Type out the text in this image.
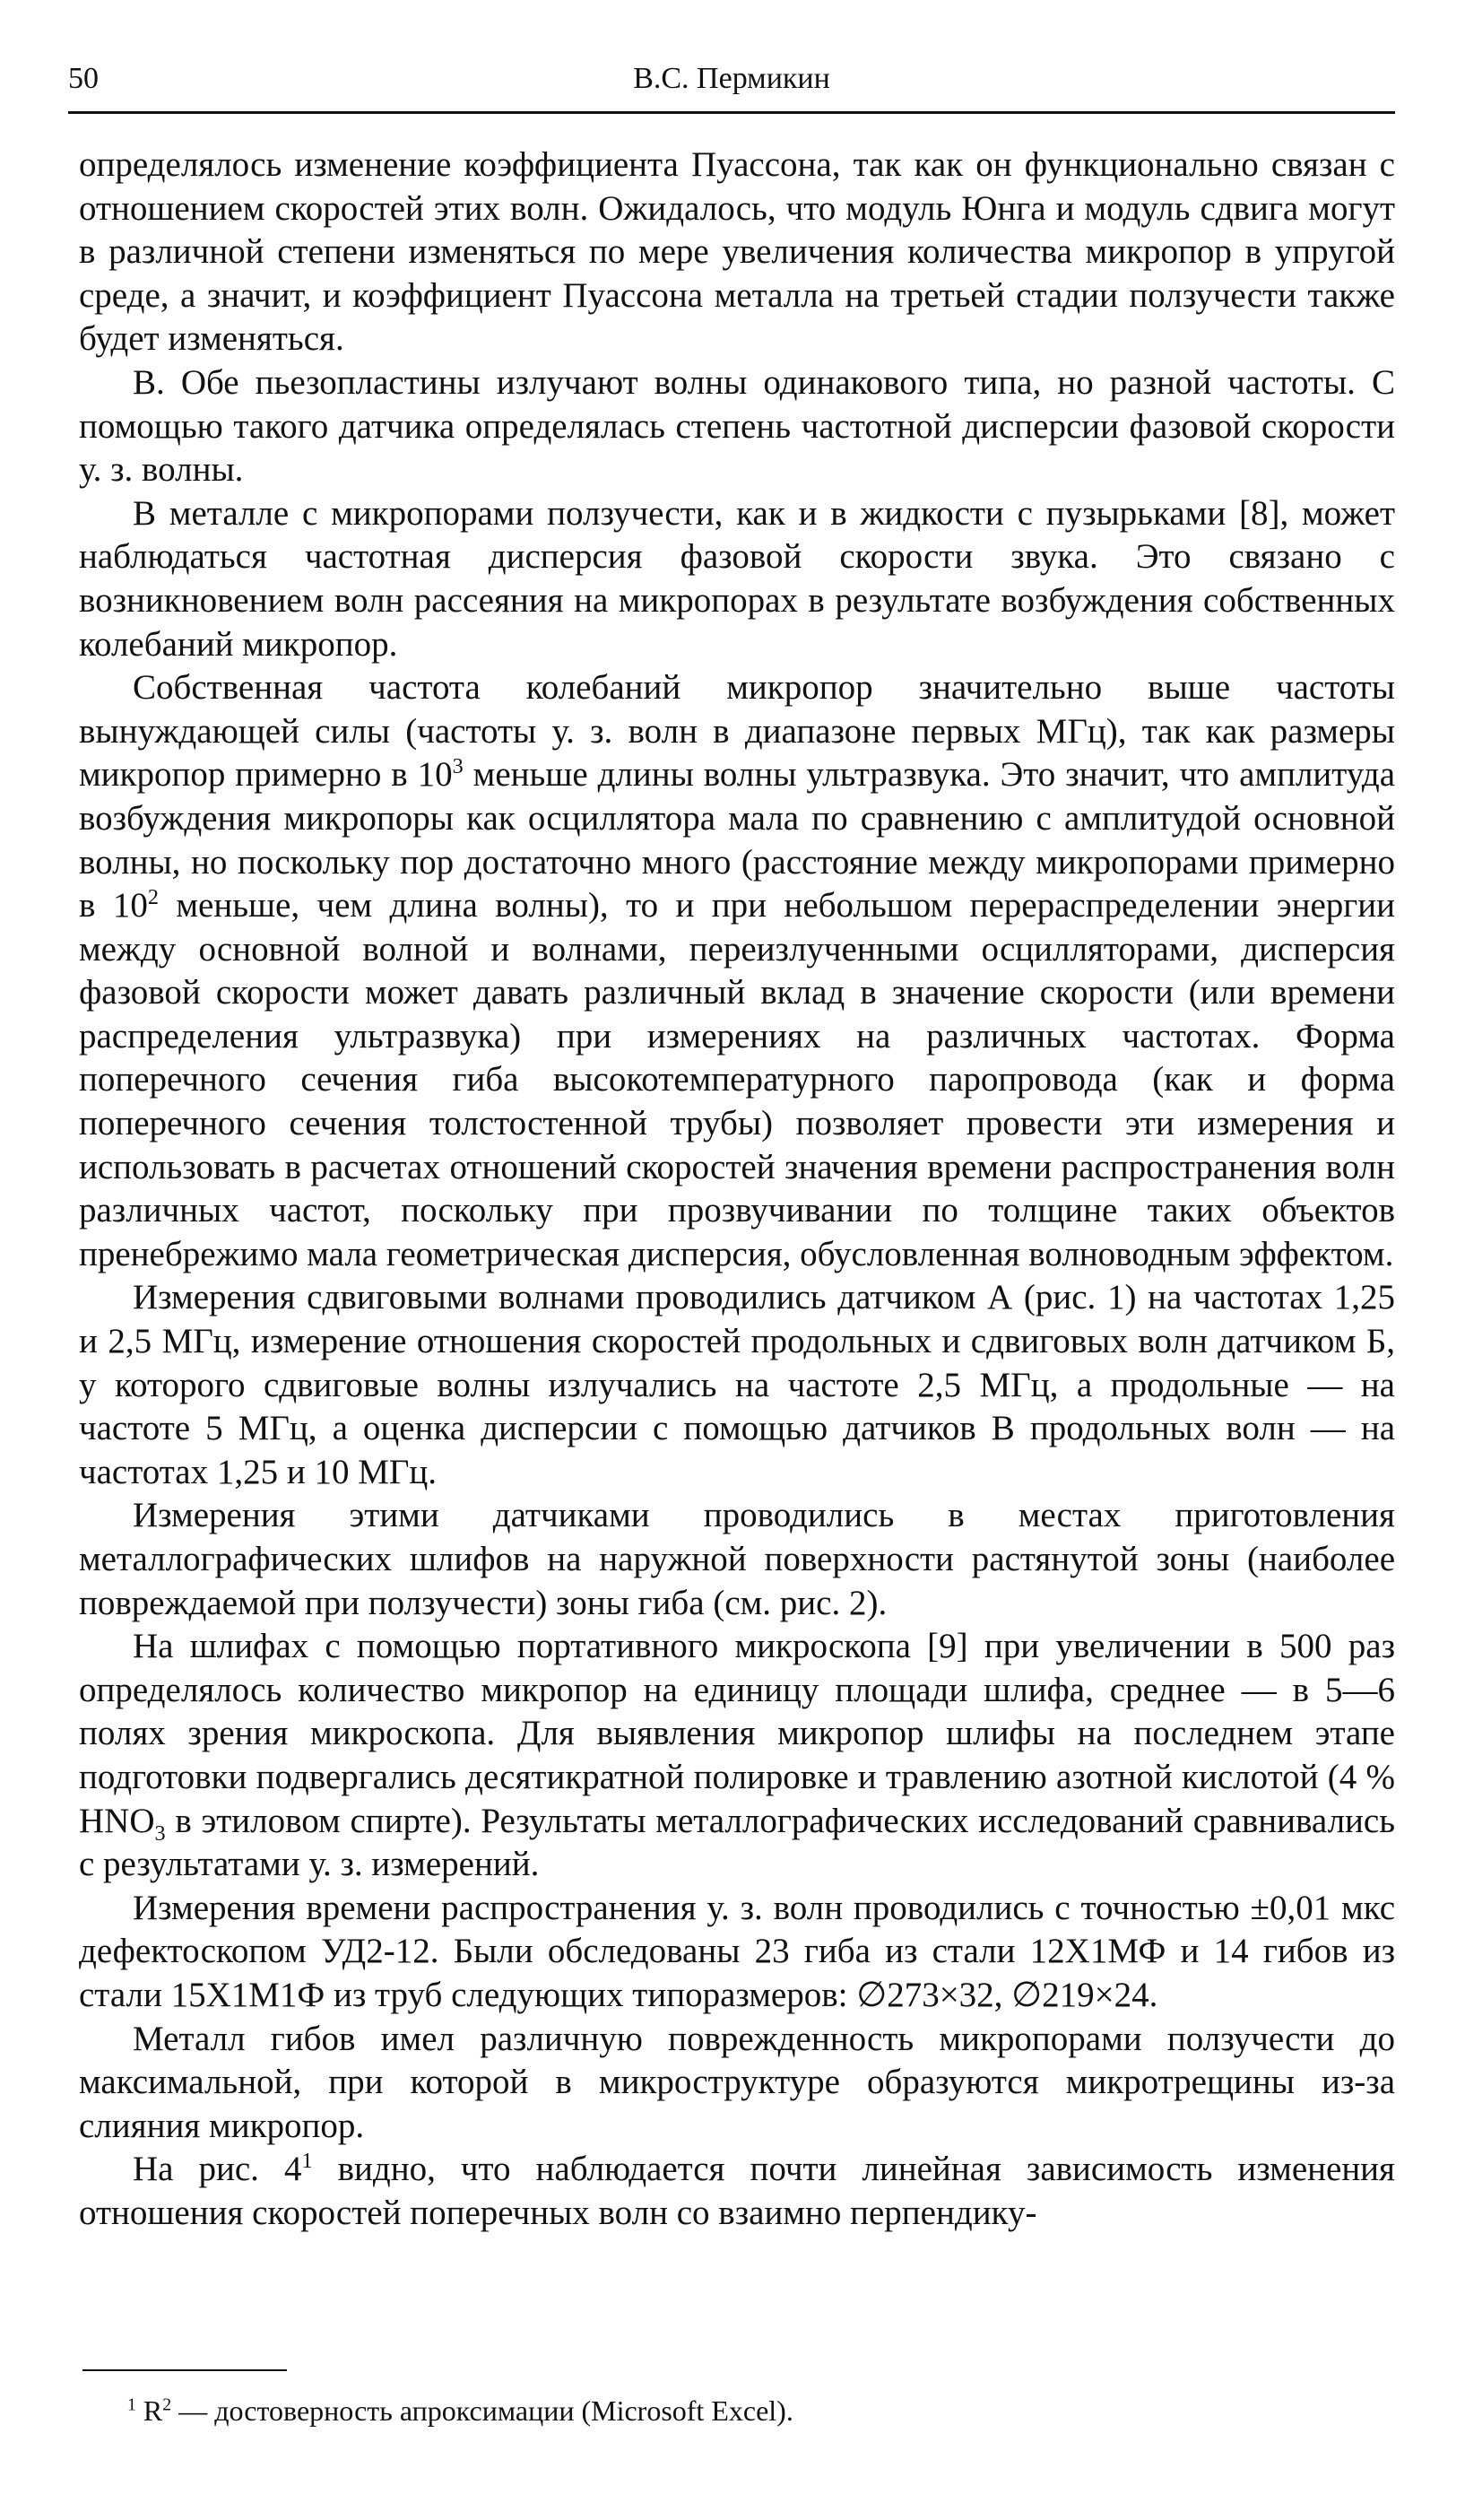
50	В.С. Пермикин

определялось изменение коэффициента Пуассона, так как он функционально связан с отношением скоростей этих волн. Ожидалось, что модуль Юнга и модуль сдвига могут в различной степени изменяться по мере увеличения количества микропор в упругой среде, а значит, и коэффициент Пуассона металла на третьей стадии ползучести также будет изменяться.

В. Обе пьезопластины излучают волны одинакового типа, но разной частоты. С помощью такого датчика определялась степень частотной дисперсии фазовой скорости у. з. волны.

В металле с микропорами ползучести, как и в жидкости с пузырьками [8], может наблюдаться частотная дисперсия фазовой скорости звука. Это связано с возникновением волн рассеяния на микропорах в результате возбуждения собственных колебаний микропор.

Собственная частота колебаний микропор значительно выше частоты вынуждающей силы (частоты у. з. волн в диапазоне первых МГц), так как размеры микропор примерно в $10^3$ меньше длины волны ультразвука. Это значит, что амплитуда возбуждения микропоры как осциллятора мала по сравнению с амплитудой основной волны, но поскольку пор достаточно много (расстояние между микропорами примерно в $10^2$ меньше, чем длина волны), то и при небольшом перераспределении энергии между основной волной и волнами, переизлученными осцилляторами, дисперсия фазовой скорости может давать различный вклад в значение скорости (или времени распределения ультразвука) при измерениях на различных частотах. Форма поперечного сечения гиба высокотемпературного паропровода (как и форма поперечного сечения толстостенной трубы) позволяет провести эти измерения и использовать в расчетах отношений скоростей значения времени распространения волн различных частот, поскольку при прозвучивании по толщине таких объектов пренебрежимо мала геометрическая дисперсия, обусловленная волноводным эффектом.

Измерения сдвиговыми волнами проводились датчиком А (рис. 1) на частотах 1,25 и 2,5 МГц, измерение отношения скоростей продольных и сдвиговых волн датчиком Б, у которого сдвиговые волны излучались на частоте 2,5 МГц, а продольные — на частоте 5 МГц, а оценка дисперсии с помощью датчиков В продольных волн — на частотах 1,25 и 10 МГц.

Измерения этими датчиками проводились в местах приготовления металлографических шлифов на наружной поверхности растянутой зоны (наиболее повреждаемой при ползучести) зоны гиба (см. рис. 2).

На шлифах с помощью портативного микроскопа [9] при увеличении в 500 раз определялось количество микропор на единицу площади шлифа, среднее — в 5—6 полях зрения микроскопа. Для выявления микропор шлифы на последнем этапе подготовки подвергались десятикратной полировке и травлению азотной кислотой (4 % $HNO_3$ в этиловом спирте). Результаты металлографических исследований сравнивались с результатами у. з. измерений.

Измерения времени распространения у. з. волн проводились с точностью ±0,01 мкс дефектоскопом УД2-12. Были обследованы 23 гиба из стали 12Х1МФ и 14 гибов из стали 15Х1М1Ф из труб следующих типоразмеров: ∅273×32, ∅219×24.

Металл гибов имел различную поврежденность микропорами ползучести до максимальной, при которой в микроструктуре образуются микротрещины из-за слияния микропор.

На рис. $4^1$ видно, что наблюдается почти линейная зависимость изменения отношения скоростей поперечных волн со взаимно перпендику-

$^1$ $R^2$ — достоверность апроксимации (Microsoft Excel).
